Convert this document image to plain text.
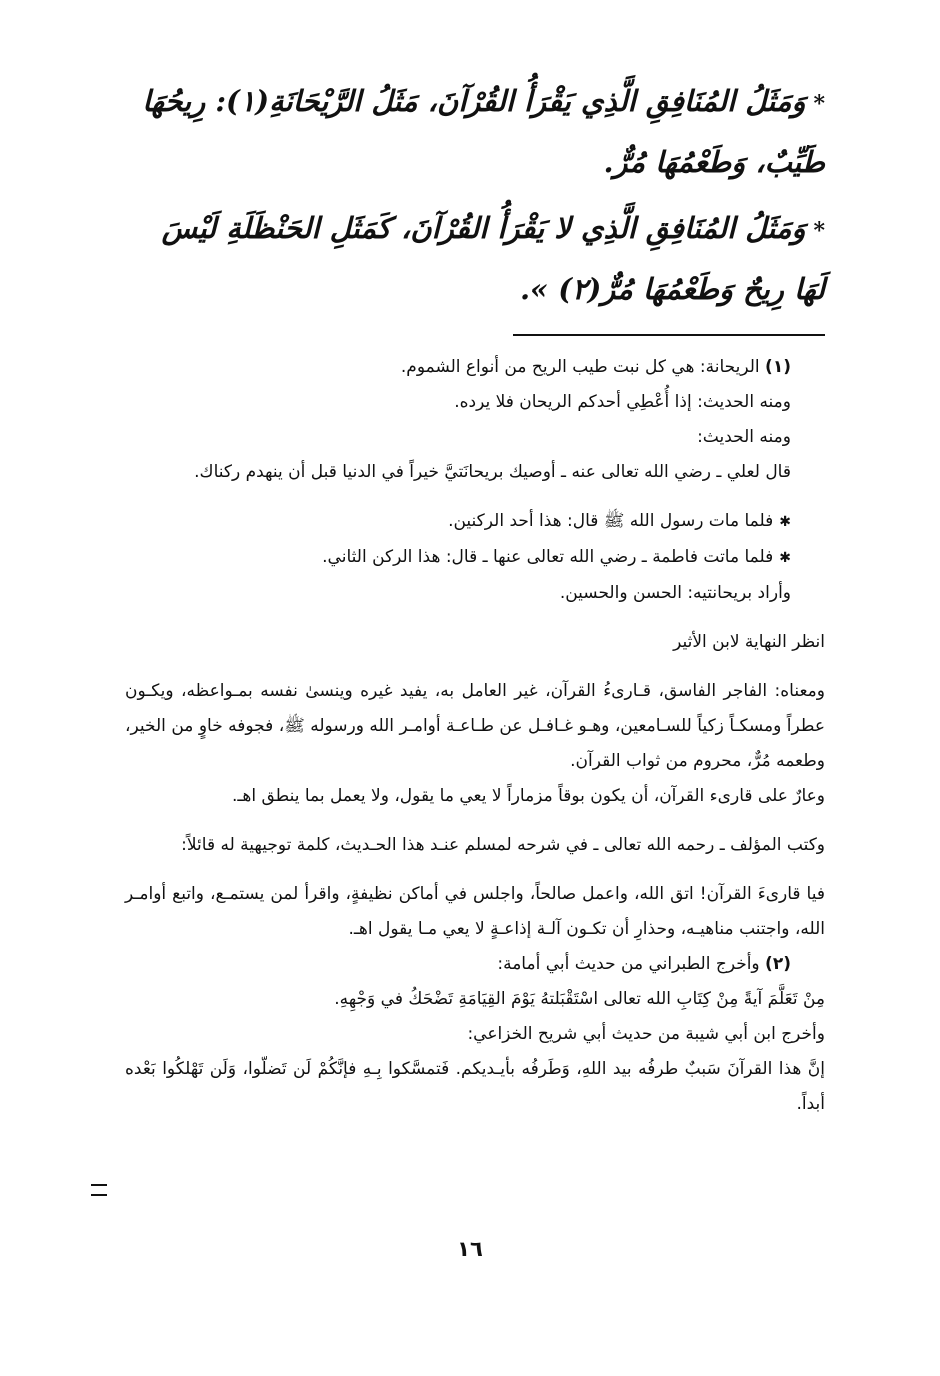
*وَمَثَلُ المُنَافِقِ الَّذِي يَقْرَأُ القُرْآنَ، مَثَلُ الرَّيْحَانَةِ(١): رِيحُهَا طَيِّبٌ، وَطَعْمُهَا مُرٌّ.

*وَمَثَلُ المُنَافِقِ الَّذِي لا يَقْرَأُ القُرْآنَ، كَمَثَلِ الحَنْظَلَةِ لَيْسَ لَهَا رِيحٌ وَطَعْمُهَا مُرٌّ(٢) ».

(١) الريحانة: هي كل نبت طيب الريح من أنواع الشموم.

ومنه الحديث: إذا أُعْطِي أحدكم الريحان فلا يرده.

ومنه الحديث:

قال لعلي ـ رضي الله تعالى عنه ـ أوصيك بريحانَتيَّ خيراً في الدنيا قبل أن ينهدم ركناك.

✱فلما مات رسول الله ﷺ قال: هذا أحد الركنين.

✱فلما ماتت فاطمة ـ رضي الله تعالى عنها ـ قال: هذا الركن الثاني.

وأراد بريحانتيه: الحسن والحسين.

انظر النهاية لابن الأثير

ومعناه: الفاجر الفاسق، قـارىءُ القرآن، غير العامل به، يفيد غيره وينسىٰ نفسه بمـواعظه، ويكـون عطراً ومسكـاً زكياً للسـامعين، وهـو غـافـل عن طـاعـة أوامـر الله ورسوله ﷺ، فجوفه خاوٍ من الخير، وطعمه مُرٌّ، محروم من ثواب القرآن.

وعارٌ على قارىء القرآن، أن يكون بوقاً مزماراً لا يعي ما يقول، ولا يعمل بما ينطق اهـ.

وكتب المؤلف ـ رحمه الله تعالى ـ في شرحه لمسلم عنـد هذا الحـديث، كلمة توجيهية له قائلاً:

فيا قارىءَ القرآن! اتق الله، واعمل صالحاً، واجلس في أماكن نظيفةٍ، واقرأ لمن يستمـع، واتبع أوامـر الله، واجتنب مناهيـه، وحذارِ أن تكـون آلـة إذاعـةٍ لا يعي مـا يقول اهـ.

(٢) وأخرج الطبراني من حديث أبي أمامة:

مِنْ تَعَلَّمَ آيةً مِنْ كِتَابِ الله تعالى اسْتَقْبَلتهُ يَوْمَ القِيَامَةِ تَضْحَكُ في وَجْهِهِ.

وأخرج ابن أبي شيبة من حديث أبي شريح الخزاعي:

إنَّ هذا القرآنَ سَببٌ طرفُه بيد اللهِ، وَطَرفُه بأيـديكم. فَتمسَّكوا بِـهِ فإنَّكُمْ لَن تَضلّوا، وَلَن تَهْلكُوا بَعْده أبداً.

١٦
